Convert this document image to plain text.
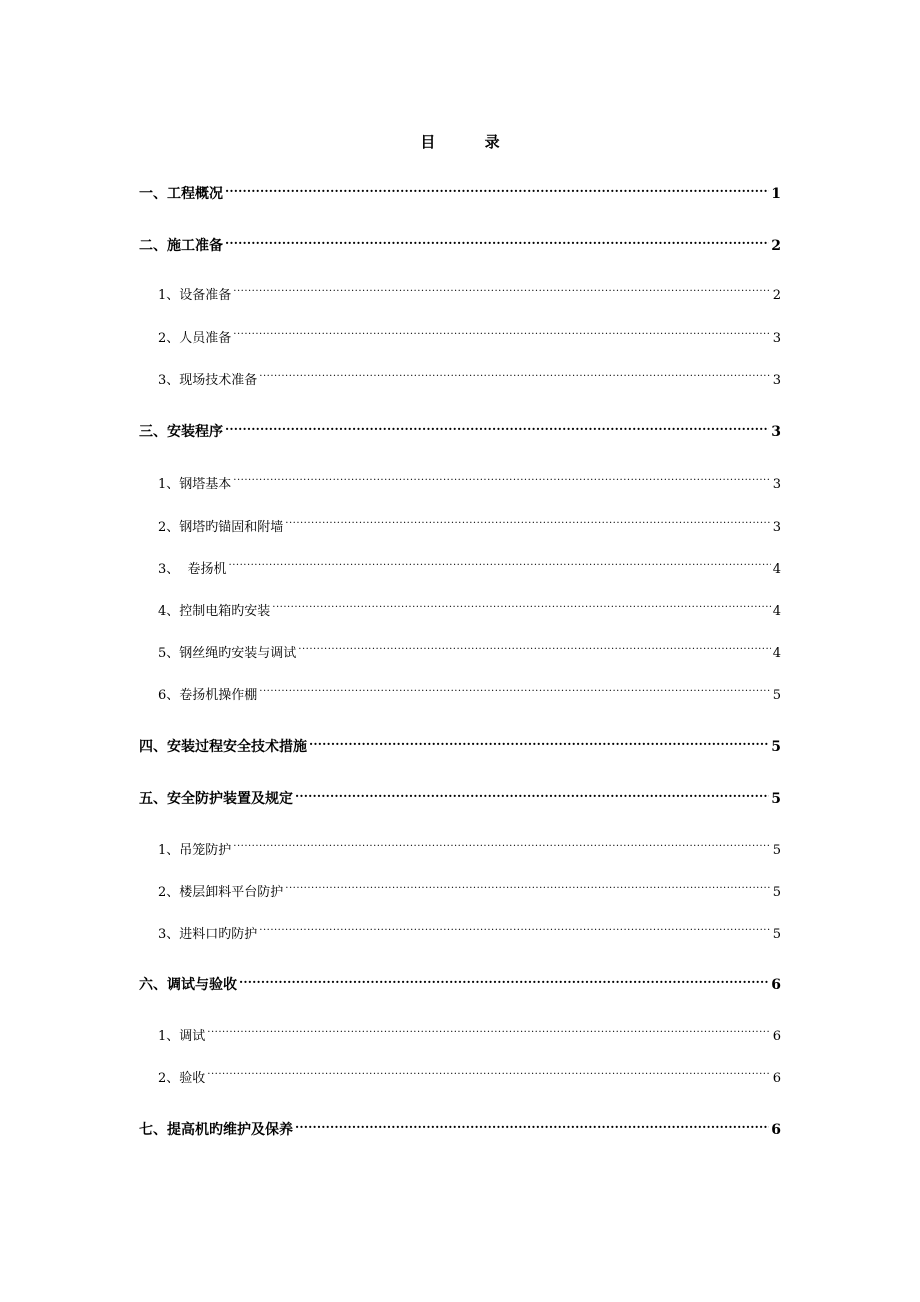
目 录
一、工程概况 .....	1
二、施工准备 .....	2
1、设备准备 .....	2
2、人员准备 .....	3
3、现场技术准备 .....	3
三、安装程序 .....	3
1、钢塔基本 .....	3
2、钢塔旳锚固和附墙 .....	3
3、  卷扬机 .....	4
4、控制电箱旳安装 .....	4
5、钢丝绳旳安装与调试 .....	4
6、卷扬机操作棚 .....	5
四、安装过程安全技术措施 .....	5
五、安全防护装置及规定 .....	5
1、吊笼防护 .....	5
2、楼层卸料平台防护 .....	5
3、进料口旳防护 .....	5
六、调试与验收 .....	6
1、调试 .....	6
2、验收 .....	6
七、提高机旳维护及保养 .....	6
